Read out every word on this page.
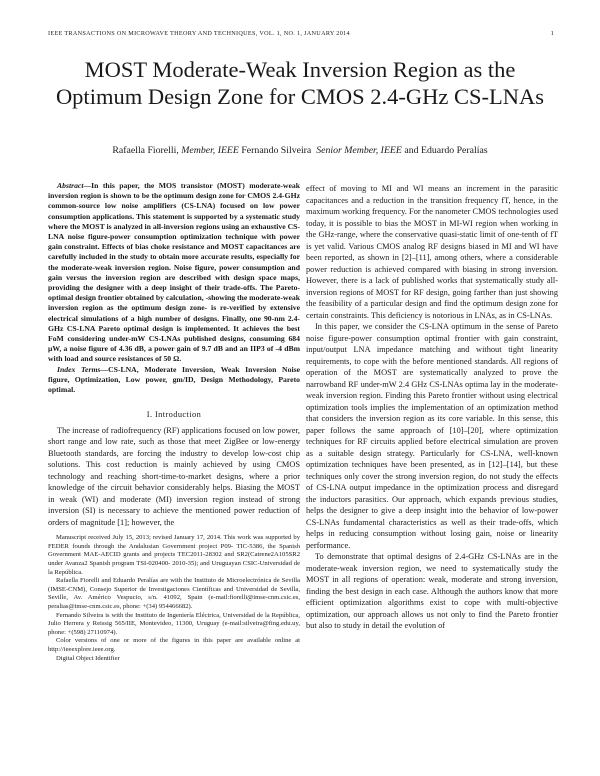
IEEE TRANSACTIONS ON MICROWAVE THEORY AND TECHNIQUES, VOL. 1, NO. 1, JANUARY 2014	1
MOST Moderate-Weak Inversion Region as the Optimum Design Zone for CMOS 2.4-GHz CS-LNAs
Rafaella Fiorelli, Member, IEEE Fernando Silveira Senior Member, IEEE and Eduardo Peralías

Abstract—In this paper, the MOS transistor (MOST) moderate-weak inversion region is shown to be the optimum design zone for CMOS 2.4-GHz common-source low noise amplifiers (CS-LNA) focused on low power consumption applications. This statement is supported by a systematic study where the MOST is analyzed in all-inversion regions using an exhaustive CS-LNA noise figure-power consumption optimization technique with power gain constraint. Effects of bias choke resistance and MOST capacitances are carefully included in the study to obtain more accurate results, especially for the moderate-weak inversion region. Noise figure, power consumption and gain versus the inversion region are described with design space maps, providing the designer with a deep insight of their trade-offs. The Pareto-optimal design frontier obtained by calculation, -showing the moderate-weak inversion region as the optimum design zone- is re-verified by extensive electrical simulations of a high number of designs. Finally, one 90-nm 2.4-GHz CS-LNA Pareto optimal design is implemented. It achieves the best FoM considering under-mW CS-LNAs published designs, consuming 684 μW, a noise figure of 4.36 dB, a power gain of 9.7 dB and an IIP3 of -4 dBm with load and source resistances of 50 Ω.

Index Terms—CS-LNA, Moderate Inversion, Weak Inversion Noise figure, Optimization, Low power, gm/ID, Design Methodology, Pareto optimal.

I. Introduction

The increase of radiofrequency (RF) applications focused on low power, short range and low rate, such as those that meet ZigBee or low-energy Bluetooth standards, are forcing the industry to develop low-cost chip solutions. This cost reduction is mainly achieved by using CMOS technology and reaching short-time-to-market designs, where a prior knowledge of the circuit behavior considerably helps. Biasing the MOST in weak (WI) and moderate (MI) inversion region instead of strong inversion (SI) is necessary to achieve the mentioned power reduction of orders of magnitude [1]; however, the

Manuscript received July 15, 2013; revised January 17, 2014. This work was supported by FEDER founds through the Andalusian Government project P09- TIC-5386, the Spanish Government MAE-AECID grants and projects TEC2011-28302 and SR2(Catrene2A105SR2 under Avanza2 Spanish program TSI-020400- 2010-35); and Uruguayan CSIC-Universidad de la República.

Rafaella Fiorelli and Eduardo Peralías are with the Instituto de Microelectrónica de Sevilla (IMSE-CNM), Consejo Superior de Investigaciones Científicas and Universidad de Sevilla, Seville, Av. Américo Vespucio, s/n. 41092, Spain (e-mail:fiorelli@imse-cnm.csic.es, peralias@imse-cnm.csic.es, phone: +(34) 954466682).

Fernando Silveira is with the Instituto de Ingeniería Eléctrica, Universidad de la República, Julio Herrera y Reissig 565/IIE, Montevideo, 11300, Uruguay (e-mail:silveira@fing.edu.uy, phone: +(598) 27110974).

Color versions of one or more of the figures in this paper are available online at http://ieeexplore.ieee.org.

Digital Object Identifier

effect of moving to MI and WI means an increment in the parasitic capacitances and a reduction in the transition frequency fT, hence, in the maximum working frequency. For the nanometer CMOS technologies used today, it is possible to bias the MOST in MI-WI region when working in the GHz-range, where the conservative quasi-static limit of one-tenth of fT is yet valid. Various CMOS analog RF designs biased in MI and WI have been reported, as shown in [2]–[11], among others, where a considerable power reduction is achieved compared with biasing in strong inversion. However, there is a lack of published works that systematically study all-inversion regions of MOST for RF design, going farther than just showing the feasibility of a particular design and find the optimum design zone for certain constraints. This deficiency is notorious in LNAs, as in CS-LNAs.

In this paper, we consider the CS-LNA optimum in the sense of Pareto noise figure-power consumption optimal frontier with gain constraint, input/output LNA impedance matching and without tight linearity requirements, to cope with the before mentioned standards. All regions of operation of the MOST are systematically analyzed to prove the narrowband RF under-mW 2.4 GHz CS-LNAs optima lay in the moderate-weak inversion region. Finding this Pareto frontier without using electrical optimization tools implies the implementation of an optimization method that considers the inversion region as its core variable. In this sense, this paper follows the same approach of [10]–[20], where optimization techniques for RF circuits applied before electrical simulation are proven as a suitable design strategy. Particularly for CS-LNA, well-known optimization techniques have been presented, as in [12]–[14], but these techniques only cover the strong inversion region, do not study the effects of CS-LNA output impedance in the optimization process and disregard the inductors parasitics. Our approach, which expands previous studies, helps the designer to give a deep insight into the behavior of low-power CS-LNAs fundamental characteristics as well as their trade-offs, which helps in reducing consumption without losing gain, noise or linearity performance.

To demonstrate that optimal designs of 2.4-GHz CS-LNAs are in the moderate-weak inversion region, we need to systematically study the MOST in all regions of operation: weak, moderate and strong inversion, finding the best design in each case. Although the authors know that more efficient optimization algorithms exist to cope with multi-objective optimization, our approach allows us not only to find the Pareto frontier but also to study in detail the evolution of
